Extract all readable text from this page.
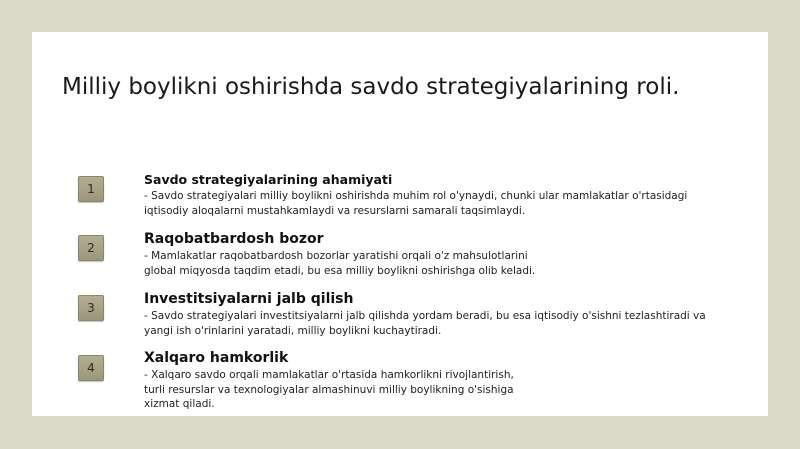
Milliy boylikni oshirishda savdo strategiyalarining roli.
1
Savdo strategiyalarining ahamiyati

- Savdo strategiyalari milliy boylikni oshirishda muhim rol o'ynaydi, chunki ular mamlakatlar o'rtasidagi
iqtisodiy aloqalarni mustahkamlaydi va resurslarni samarali taqsimlaydi.

2
Raqobatbardosh bozor

- Mamlakatlar raqobatbardosh bozorlar yaratishi orqali o'z mahsulotlarini
global miqyosda taqdim etadi, bu esa milliy boylikni oshirishga olib keladi.

3
Investitsiyalarni jalb qilish

- Savdo strategiyalari investitsiyalarni jalb qilishda yordam beradi, bu esa iqtisodiy o'sishni tezlashtiradi va
yangi ish o'rinlarini yaratadi, milliy boylikni kuchaytiradi.

4
Xalqaro hamkorlik

- Xalqaro savdo orqali mamlakatlar o'rtasida hamkorlikni rivojlantirish,
turli resurslar va texnologiyalar almashinuvi milliy boylikning o'sishiga
xizmat qiladi.
